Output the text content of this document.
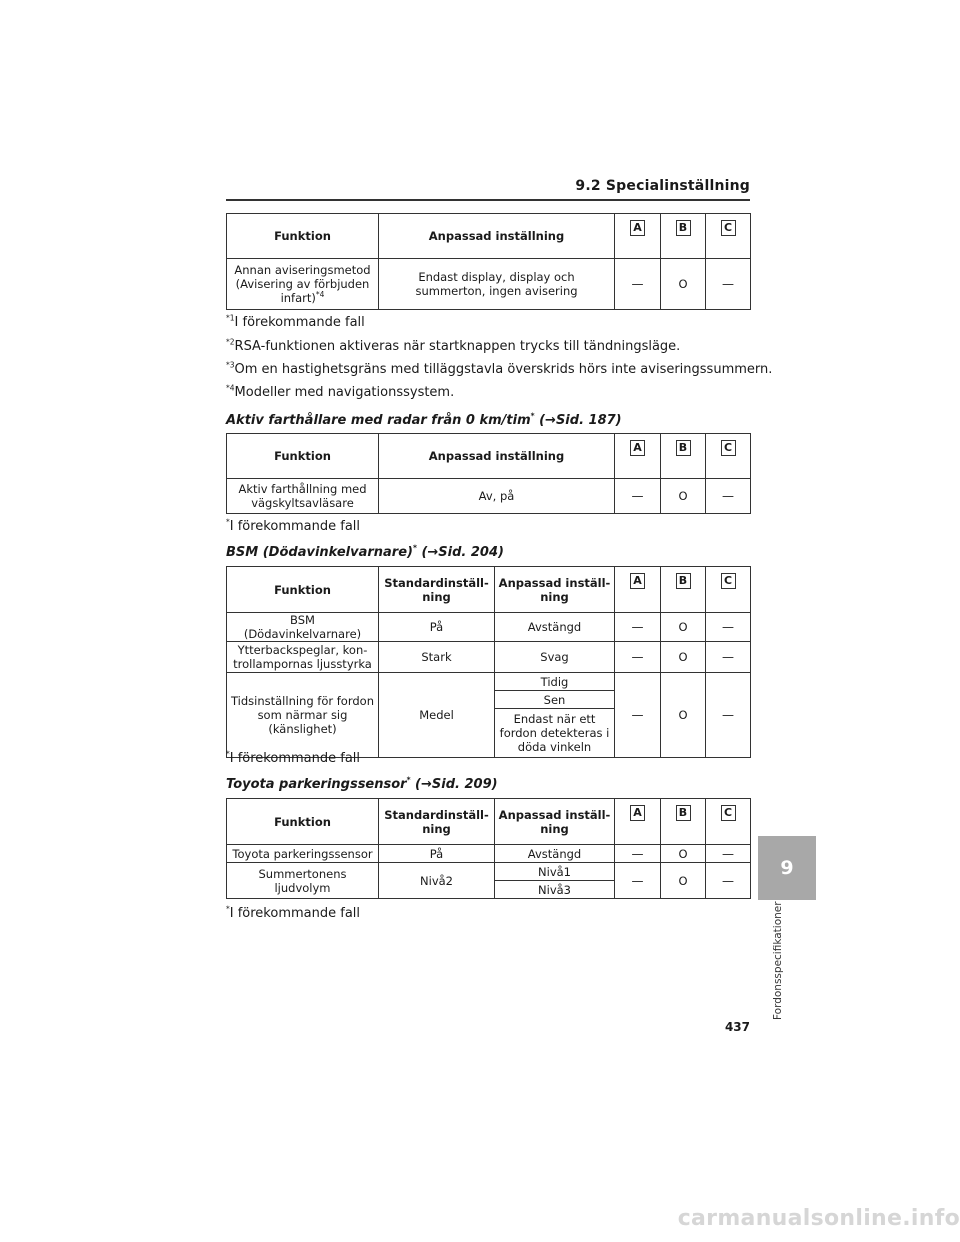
9.2 Specialinställning
Funktion	Anpassad inställning	A	B	C
Annan aviseringsmetod (Avisering av förbjuden infart)$^{*4}$	Endast display, display och summerton, ingen avisering	—	O	—
$^{*1}$I förekommande fall
$^{*2}$RSA-funktionen aktiveras när startknappen trycks till tändningsläge.
$^{*3}$Om en hastighetsgräns med tilläggstavla överskrids hörs inte aviseringssummern.
$^{*4}$Modeller med navigationssystem.
Aktiv farthållare med radar från 0 km/tim* (→Sid. 187)
Funktion	Anpassad inställning	A	B	C
Aktiv farthållning med vägskyltsavläsare	Av, på	—	O	—
*I förekommande fall
BSM (Dödavinkelvarnare)* (→Sid. 204)
Funktion	Standardinställ-ning	Anpassad inställ-ning	A	B	C
BSM (Dödavinkelvarnare)	På	Avstängd	—	O	—
Ytterbackspeglar, kon-trollampornas ljusstyrka	Stark	Svag	—	O	—
Tidsinställning för fordon som närmar sig (känslighet)	Medel	Tidig	—	O	—
		Sen			
		Endast när ett fordon detekteras i döda vinkeln			
*I förekommande fall
Toyota parkeringssensor* (→Sid. 209)
Funktion	Standardinställ-ning	Anpassad inställ-ning	A	B	C
Toyota parkeringssensor	På	Avstängd	—	O	—
Summertonens ljudvolym	Nivå2	Nivå1	—	O	—
		Nivå3			
*I förekommande fall
9
Fordonsspecifikationer
437
carmanualsonline.info
